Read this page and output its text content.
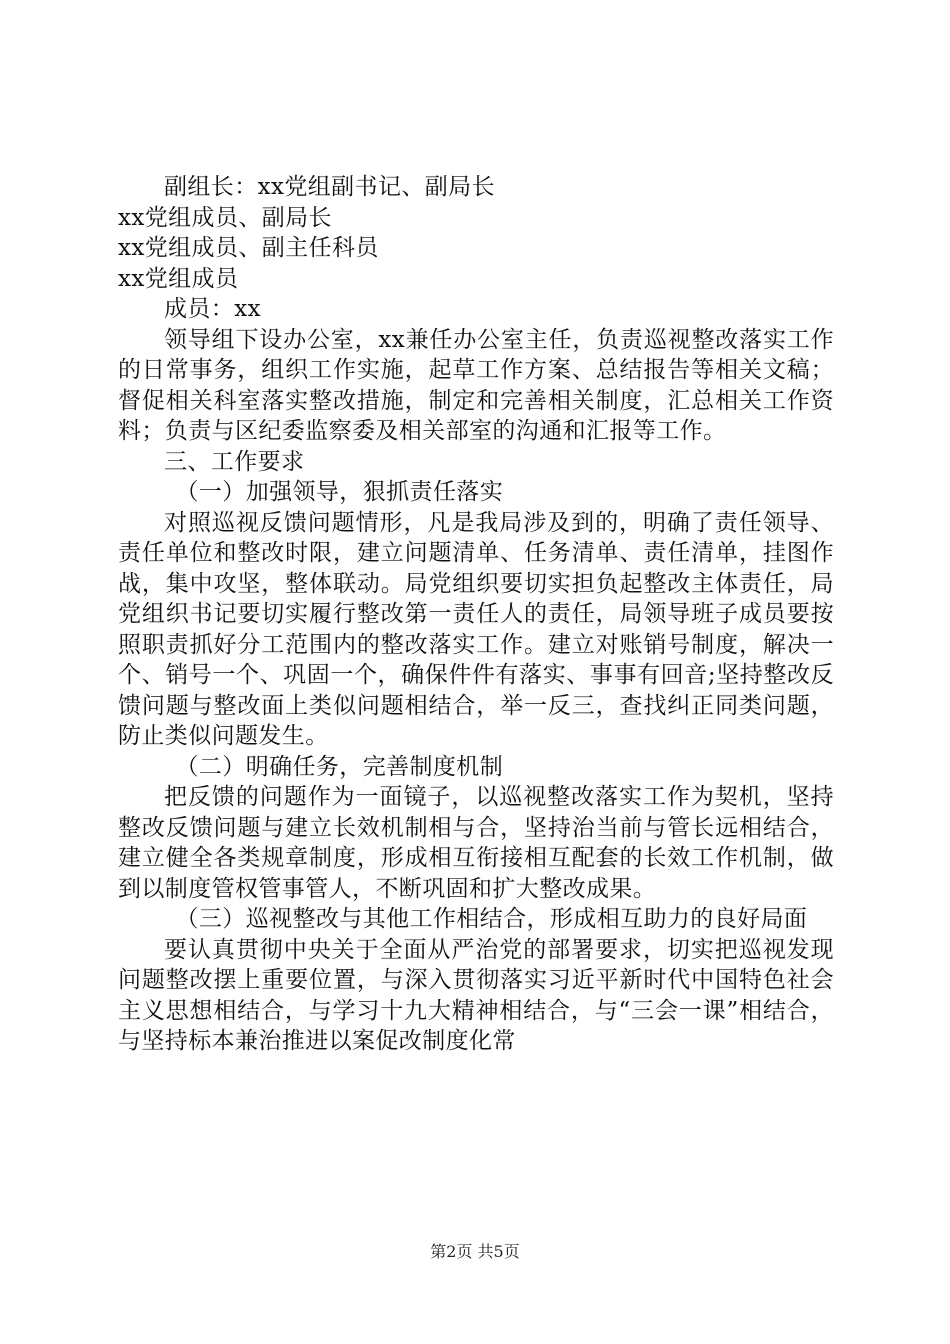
副组长：xx党组副书记、副局长

xx党组成员、副局长

xx党组成员、副主任科员

xx党组成员

成员：xx

领导组下设办公室，xx兼任办公室主任，负责巡视整改落实工作的日常事务，组织工作实施，起草工作方案、总结报告等相关文稿；督促相关科室落实整改措施，制定和完善相关制度，汇总相关工作资料；负责与区纪委监察委及相关部室的沟通和汇报等工作。

三、工作要求

（一）加强领导，狠抓责任落实

对照巡视反馈问题情形，凡是我局涉及到的，明确了责任领导、责任单位和整改时限，建立问题清单、任务清单、责任清单，挂图作战，集中攻坚，整体联动。局党组织要切实担负起整改主体责任，局党组织书记要切实履行整改第一责任人的责任，局领导班子成员要按照职责抓好分工范围内的整改落实工作。建立对账销号制度，解决一个、销号一个、巩固一个，确保件件有落实、事事有回音;坚持整改反馈问题与整改面上类似问题相结合，举一反三，查找纠正同类问题，防止类似问题发生。

（二）明确任务，完善制度机制

把反馈的问题作为一面镜子，以巡视整改落实工作为契机，坚持整改反馈问题与建立长效机制相与合，坚持治当前与管长远相结合，建立健全各类规章制度，形成相互衔接相互配套的长效工作机制，做到以制度管权管事管人，不断巩固和扩大整改成果。

（三）巡视整改与其他工作相结合，形成相互助力的良好局面

要认真贯彻中央关于全面从严治党的部署要求，切实把巡视发现问题整改摆上重要位置，与深入贯彻落实习近平新时代中国特色社会主义思想相结合，与学习十九大精神相结合，与“三会一课”相结合，与坚持标本兼治推进以案促改制度化常

第2页 共5页
